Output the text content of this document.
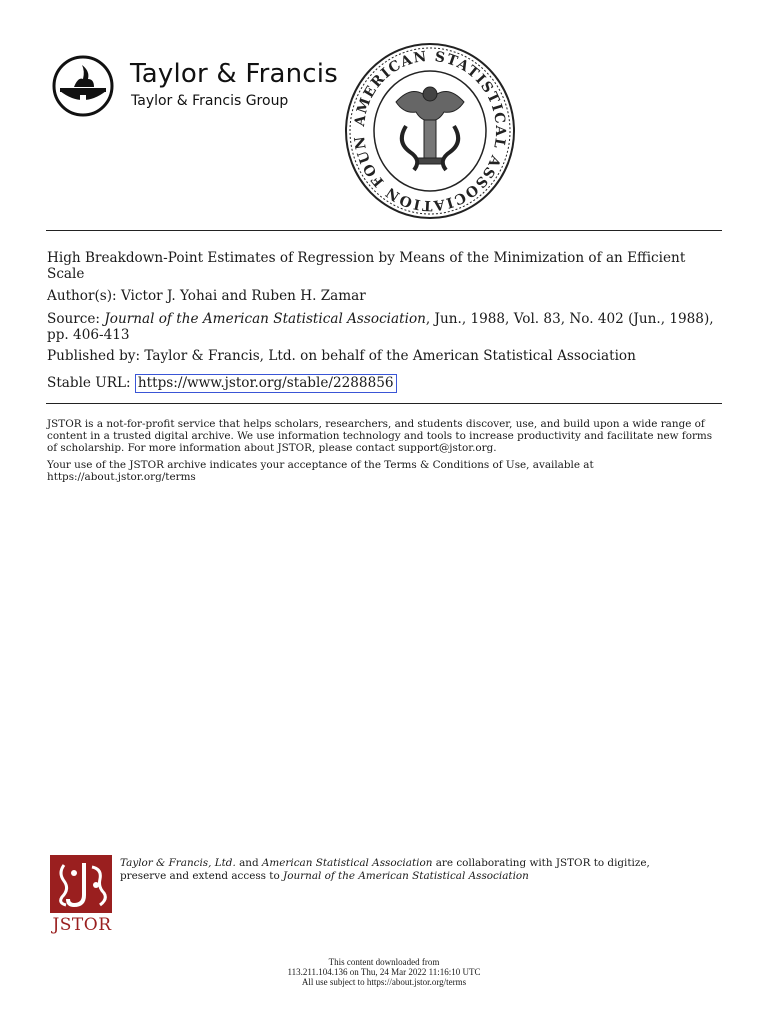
Taylor & Francis
Taylor & Francis Group
AMERICAN STATISTICAL ASSOCIATION FOUN
High Breakdown-Point Estimates of Regression by Means of the Minimization of an Efficient Scale
Author(s): Victor J. Yohai and Ruben H. Zamar
Source: Journal of the American Statistical Association, Jun., 1988, Vol. 83, No. 402 (Jun., 1988), pp. 406-413
Published by: Taylor & Francis, Ltd. on behalf of the American Statistical Association
Stable URL: https://www.jstor.org/stable/2288856
JSTOR is a not-for-profit service that helps scholars, researchers, and students discover, use, and build upon a wide range of content in a trusted digital archive. We use information technology and tools to increase productivity and facilitate new forms of scholarship. For more information about JSTOR, please contact support@jstor.org.
Your use of the JSTOR archive indicates your acceptance of the Terms & Conditions of Use, available at https://about.jstor.org/terms
JSTOR
Taylor & Francis, Ltd. and American Statistical Association are collaborating with JSTOR to digitize, preserve and extend access to Journal of the American Statistical Association
This content downloaded from
113.211.104.136 on Thu, 24 Mar 2022 11:16:10 UTC
All use subject to https://about.jstor.org/terms
